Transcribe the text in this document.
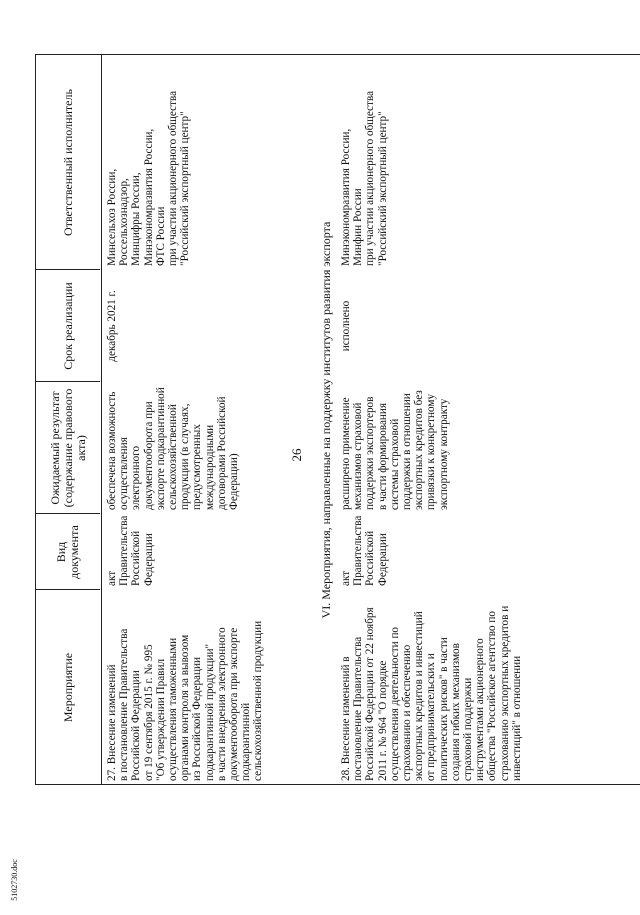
26
5102730.doc
Мероприятие
Вид документа
Ожидаемый результат
(содержание правового акта)
Срок реализации
Ответственный исполнитель
27. Внесение изменений
в постановление Правительства
Российской Федерации
от 19 сентября 2015 г. № 995
"Об утверждении Правил
осуществления таможенными
органами контроля за вывозом
из Российской Федерации
подкарантинной продукции"
в части внедрения электронного
документооборота при экспорте
подкарантинной
сельскохозяйственной продукции
акт
Правительства
Российской
Федерации
обеспечена возможность
осуществления
электронного
документооборота при
экспорте подкарантинной
сельскохозяйственной
продукции (в случаях,
предусмотренных
международными
договорами Российской
Федерации)
декабрь 2021 г.
Минсельхоз России,
Россельхознадзор,
Минцифры России,
Минэкономразвития России,
ФТС России
при участии акционерного общества
"Российский экспортный центр"
VI. Мероприятия, направленные на поддержку институтов развития экспорта
28. Внесение изменений в
постановление Правительства
Российской Федерации от 22 ноября
2011 г. № 964 "О порядке
осуществления деятельности по
страхованию и обеспечению
экспортных кредитов и инвестиций
от предпринимательских и
политических рисков" в части
создания гибких механизмов
страховой поддержки
инструментами акционерного
общества "Российское агентство по
страхованию экспортных кредитов и
инвестиций" в отношении
акт
Правительства
Российской
Федерации
расширено применение
механизмов страховой
поддержки экспортеров
в части формирования
системы страховой
поддержки в отношении
экспортных кредитов без
привязки к конкретному
экспортному контракту
исполнено
Минэкономразвития России,
Минфин России
при участии акционерного общества
"Российский экспортный центр"
